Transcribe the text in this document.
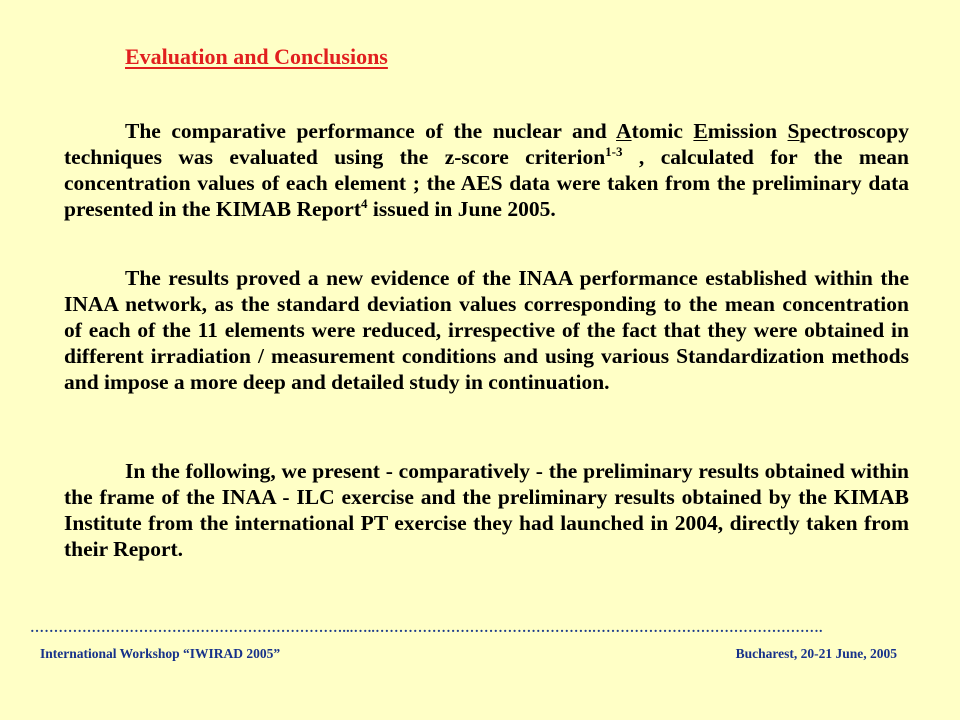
Evaluation and Conclusions

The comparative performance of the nuclear and Atomic Emission Spectroscopy techniques was evaluated using the z-score criterion$^{1-3}$ , calculated for the mean concentration values of each element ; the AES data were taken from the preliminary data presented in the KIMAB Report$^4$ issued in June 2005.

The results proved a new evidence of the INAA performance established within the INAA network, as the standard deviation values corresponding to the mean concentration of each of the 11 elements were reduced, irrespective of the fact that they were obtained in different irradiation / measurement conditions and using various Standardization methods and impose a more deep and detailed study in continuation.

In the following, we present - comparatively - the preliminary results obtained within the frame of the INAA - ILC exercise and the preliminary results obtained by the KIMAB Institute from the international PT exercise they had launched in 2004, directly taken from their Report.

…………………………………………………………...…..……………………………………….………………………………………….
International Workshop “IWIRAD 2005”	Bucharest, 20-21 June, 2005
